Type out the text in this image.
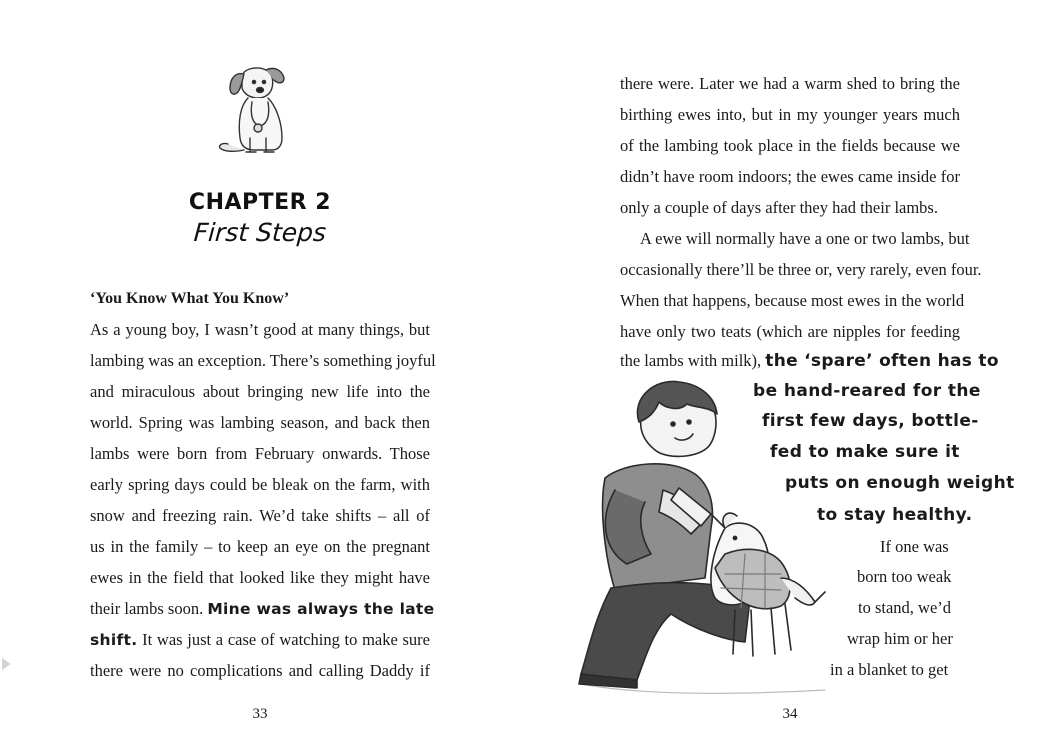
CHAPTER 2
First Steps
‘You Know What You Know’
As a young boy, I wasn’t good at many things, but
lambing was an exception. There’s something joyful
and miraculous about bringing new life into the
world. Spring was lambing season, and back then
lambs were born from February onwards. Those
early spring days could be bleak on the farm, with
snow and freezing rain. We’d take shifts – all of
us in the family – to keep an eye on the pregnant
ewes in the field that looked like they might have
their lambs soon. Mine was always the late
shift. It was just a case of watching to make sure
there were no complications and calling Daddy if
33
there were. Later we had a warm shed to bring the
birthing ewes into, but in my younger years much
of the lambing took place in the fields because we
didn’t have room indoors; the ewes came inside for
only a couple of days after they had their lambs.
A ewe will normally have a one or two lambs, but
occasionally there’ll be three or, very rarely, even four.
When that happens, because most ewes in the world
have only two teats (which are nipples for feeding
the lambs with milk), the ‘spare’ often has to
be hand-reared for the
first few days, bottle-
fed to make sure it
puts on enough weight
to stay healthy.
If one was
born too weak
to stand, we’d
wrap him or her
in a blanket to get
34
